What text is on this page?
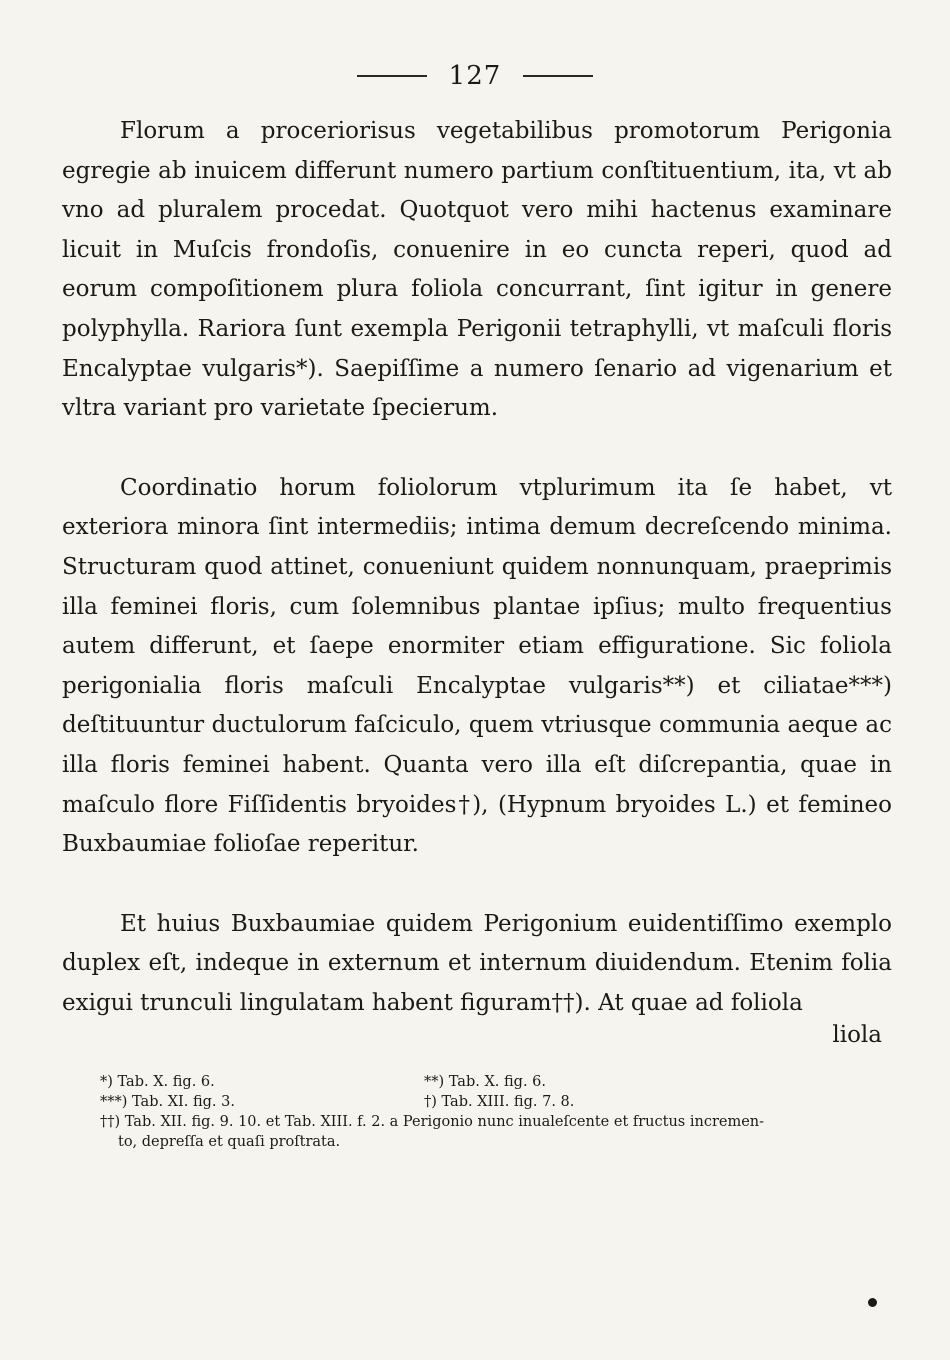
127

Florum a proceriorisus vegetabilibus promotorum Perigonia egregie ab inuicem differunt numero partium conſtituentium, ita, vt ab vno ad pluralem procedat. Quotquot vero mihi hactenus examinare licuit in Muſcis frondoſis, conuenire in eo cuncta reperi, quod ad eorum compoſitionem plura foliola concurrant, ſint igitur in genere polyphylla. Rariora ſunt exempla Perigonii tetraphylli, vt maſculi floris Encalyptae vulgaris*). Saepiſſime a numero ſenario ad vigenarium et vltra variant pro varietate ſpecierum.

Coordinatio horum foliolorum vtplurimum ita ſe habet, vt exteriora minora ſint intermediis; intima demum decreſcendo minima. Structuram quod attinet, conueniunt quidem nonnunquam, praeprimis illa feminei floris, cum ſolemnibus plantae ipſius; multo frequentius autem differunt, et ſaepe enormiter etiam effiguratione. Sic foliola perigonialia floris maſculi Encalyptae vulgaris**) et ciliatae***) deſtituuntur ductulorum faſciculo, quem vtriusque communia aeque ac illa floris feminei habent. Quanta vero illa eſt diſcrepantia, quae in maſculo flore Fiſſidentis bryoides†), (Hypnum bryoides L.) et femineo Buxbaumiae folioſae reperitur.

Et huius Buxbaumiae quidem Perigonium euidentiſſimo exemplo duplex eſt, indeque in externum et internum diuidendum. Etenim folia exigui trunculi lingulatam habent figuram††). At quae ad foliola

liola
*) Tab. X. fig. 6.	**) Tab. X. fig. 6.
***) Tab. XI. fig. 3.	†) Tab. XIII. fig. 7. 8.
††) Tab. XII. fig. 9. 10. et Tab. XIII. f. 2. a Perigonio nunc inualeſcente et fructus incremen-
to, depreſſa et quaſi proſtrata.
